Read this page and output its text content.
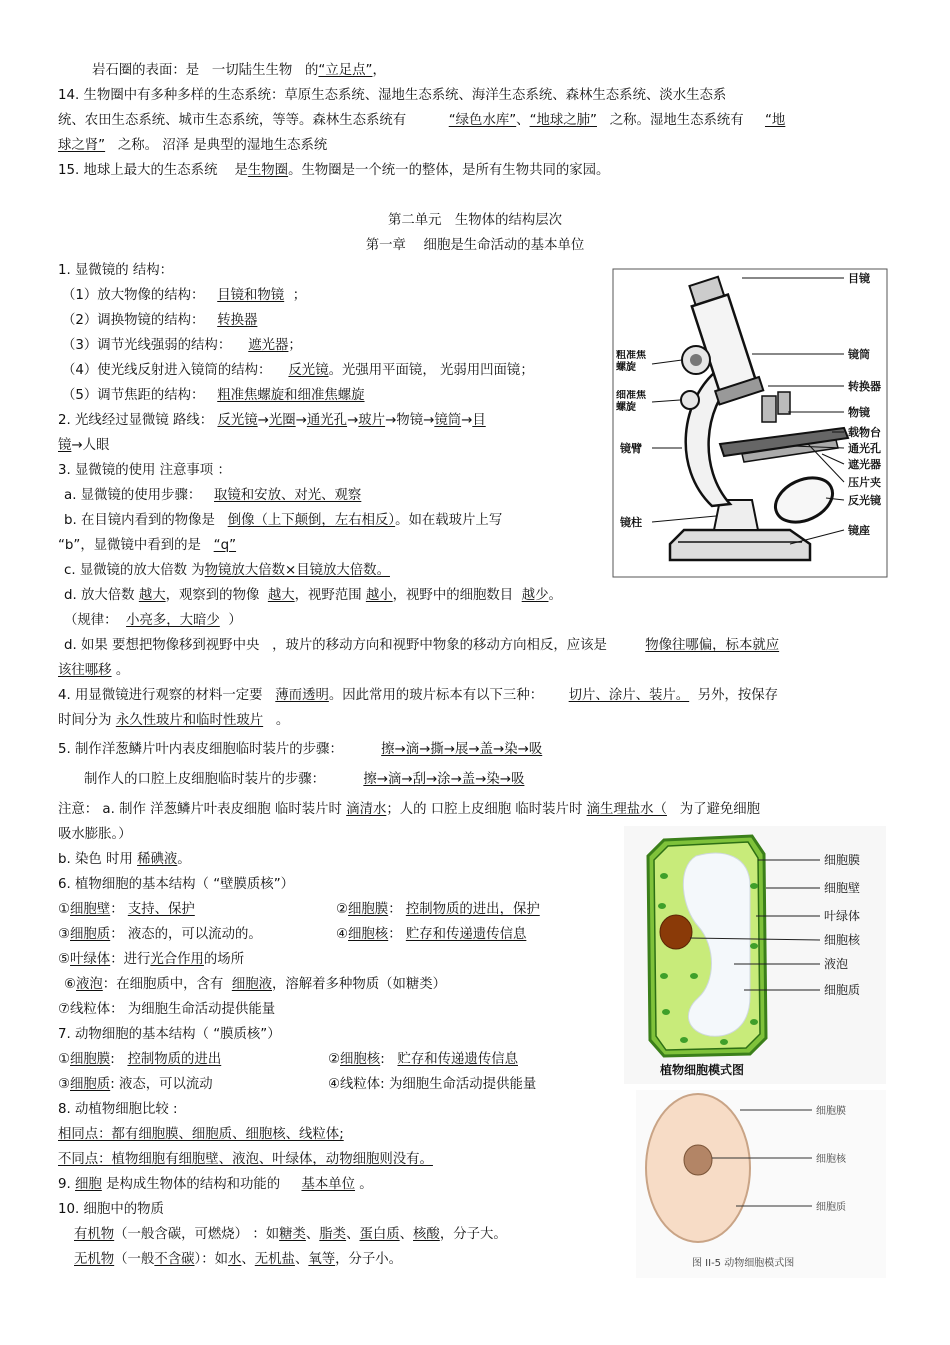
岩石圈的表面：是 一切陆生生物 的“立足点”，
14. 生物圈中有多种多样的生态系统：草原生态系统、湿地生态系统、海洋生态系统、森林生态系统、淡水生态系
统、农田生态系统、城市生态系统，等等。森林生态系统有	“绿色水库”、“地球之肺” 之称。湿地生态系统有 “地
球之肾” 之称。 沼泽 是典型的湿地生态系统
15. 地球上最大的生态系统 是生物圈。生物圈是一个统一的整体，是所有生物共同的家园。
第二单元　生物体的结构层次
第一章　 细胞是生命活动的基本单位
1. 显微镜的 结构：
（1）放大物像的结构： 目镜和物镜 ；
（2）调换物镜的结构： 转换器
（3）调节光线强弱的结构： 遮光器；
（4）使光线反射进入镜筒的结构： 反光镜。光强用平面镜， 光弱用凹面镜；
（5）调节焦距的结构： 粗准焦螺旋和细准焦螺旋
2. 光线经过显微镜 路线： 反光镜→光圈→通光孔→玻片→物镜→镜筒→目
镜→人眼
3. 显微镜的使用 注意事项 ：
a. 显微镜的使用步骤： 取镜和安放、对光、观察
b. 在目镜内看到的物像是 倒像（上下颠倒，左右相反）。如在载玻片上写
“b”，显微镜中看到的是 “q”
c. 显微镜的放大倍数 为物镜放大倍数×目镜放大倍数。
d. 放大倍数 越大，观察到的物像 越大，视野范围 越小，视野中的细胞数目 越少。
（规律： 小亮多，大暗少 ）
d. 如果 要想把物像移到视野中央 ，玻片的移动方向和视野中物象的移动方向相反，应该是	物像往哪偏，标本就应
该往哪移 。
4. 用显微镜进行观察的材料一定要 薄而透明。因此常用的玻片标本有以下三种： 切片、涂片、装片。 另外，按保存
时间分为 永久性玻片和临时性玻片 。
5. 制作洋葱鳞片叶内表皮细胞临时装片的步骤：	擦→滴→撕→展→盖→染→吸
制作人的口腔上皮细胞临时装片的步骤：	擦→滴→刮→涂→盖→染→吸
注意： a. 制作 洋葱鳞片叶表皮细胞 临时装片时 滴清水；人的 口腔上皮细胞 临时装片时 滴生理盐水（ 为了避免细胞
吸水膨胀。）
b. 染色 时用 稀碘液。
6. 植物细胞的基本结构（ “壁膜质核”）
①细胞壁： 支持、保护	②细胞膜： 控制物质的进出，保护
③细胞质： 液态的，可以流动的。	④细胞核： 贮存和传递遗传信息
⑤叶绿体：进行光合作用的场所
⑥液泡：在细胞质中，含有 细胞液，溶解着多种物质（如糖类）
⑦线粒体： 为细胞生命活动提供能量
7. 动物细胞的基本结构（ “膜质核”）
①细胞膜: 控制物质的进出	②细胞核: 贮存和传递遗传信息
③细胞质: 液态，可以流动	④线粒体: 为细胞生命活动提供能量
8. 动植物细胞比较 :
相同点：都有细胞膜、细胞质、细胞核、线粒体;
不同点：植物细胞有细胞壁、液泡、叶绿体，动物细胞则没有。
9. 细胞 是构成生物体的结构和功能的 基本单位 。
10. 细胞中的物质
有机物（一般含碳，可燃烧） ：如糖类、脂类、蛋白质、核酸，分子大。
无机物（一般不含碳）：如水、无机盐、氧等，分子小。
目镜
镜筒
转换器
物镜
载物台
通光孔
遮光器
压片夹
反光镜
镜座
粗准焦螺旋
细准焦螺旋
镜臂
镜柱
细胞膜
细胞壁
叶绿体
细胞核
液泡
细胞质
植物细胞模式图
细胞膜
细胞核
细胞质
图 II-5 动物细胞模式图
